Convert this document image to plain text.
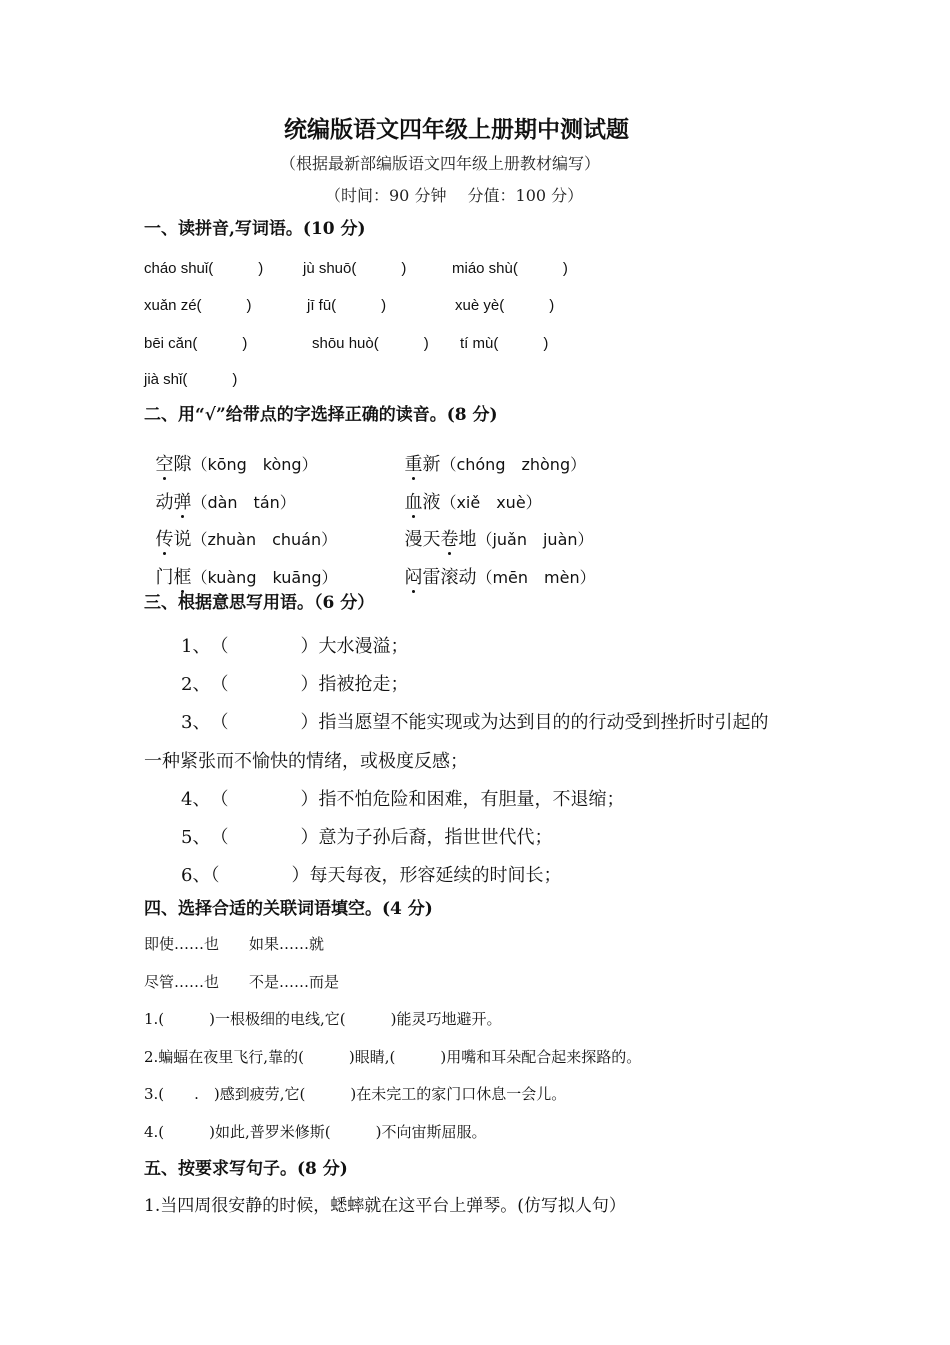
统编版语文四年级上册期中测试题
（根据最新部编版语文四年级上册教材编写）
（时间：90 分钟　 分值：100 分）
一、读拼音,写词语。(10 分)
cháo shuǐ(　　　)	jù shuō(　　　)	miáo shù(　　　)
xuǎn zé(　　　)	jī fū(　　　)	xuè yè(　　　)
bēi cǎn(　　　)	shōu huò(　　　) tí mù(　　　)
jià shǐ(　　　)
二、用“√”给带点的字选择正确的读音。(8 分)

空隙（kōng　kòng）	重新（chóng　zhòng）

动弹（dàn　tán）	血液（xiě　xuè）

传说（zhuàn　chuán）	漫天卷地（juǎn　juàn）

门框（kuàng　kuāng）	闷雷滚动（mēn　mèn）

三、根据意思写用语。（6 分）
1、　（　　　　）大水漫溢；
2、　（　　　　）指被抢走；
3、　（　　　　）指当愿望不能实现或为达到目的的行动受到挫折时引起的
一种紧张而不愉快的情绪，或极度反感；
4、　（　　　　）指不怕危险和困难，有胆量，不退缩；
5、　（　　　　）意为子孙后裔，指世世代代；
6、（　　　　）每天每夜，形容延续的时间长；
四、选择合适的关联词语填空。(4 分)
即使……也　　如果……就
尽管……也　　不是……而是
1.(　　　)一根极细的电线,它(　　　)能灵巧地避开。
2.蝙蝠在夜里飞行,靠的(　　　)眼睛,(　　　)用嘴和耳朵配合起来探路的。
3.(　　.　)感到疲劳,它(　　　)在未完工的家门口休息一会儿。
4.(　　　)如此,普罗米修斯(　　　)不向宙斯屈服。
五、按要求写句子。(8 分)
1.当四周很安静的时候，蟋蟀就在这平台上弹琴。(仿写拟人句）
